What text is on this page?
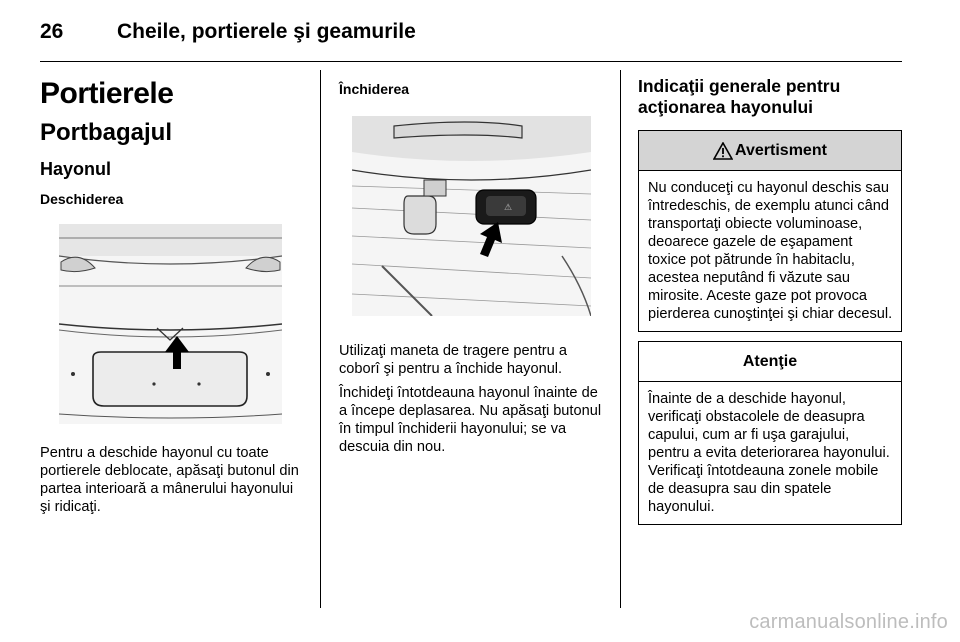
26	Cheile, portierele şi geamurile
Portierele
Portbagajul
Hayonul
Deschiderea
Pentru a deschide hayonul cu toate portierele deblocate, apăsaţi butonul din partea interioară a mânerului hayonului şi ridicaţi.
Închiderea
⚠
Utilizaţi maneta de tragere pentru a coborî şi pentru a închide hayonul.
Închideţi întotdeauna hayonul înainte de a începe deplasarea. Nu apăsaţi butonul în timpul închiderii hayonului; se va descuia din nou.
Indicaţii generale pentru acţionarea hayonului
Avertisment
Nu conduceţi cu hayonul deschis sau întredeschis, de exemplu atunci când transportaţi obiecte voluminoase, deoarece gazele de eşapament toxice pot pătrunde în habitaclu, acestea neputând fi văzute sau mirosite. Aceste gaze pot provoca pierderea cunoştinţei şi chiar decesul.
Atenţie
Înainte de a deschide hayonul, verificaţi obstacolele de deasupra capului, cum ar fi uşa garajului, pentru a evita deteriorarea hayonului. Verificaţi întotdeauna zonele mobile de deasupra sau din spatele hayonului.
carmanualsonline.info
